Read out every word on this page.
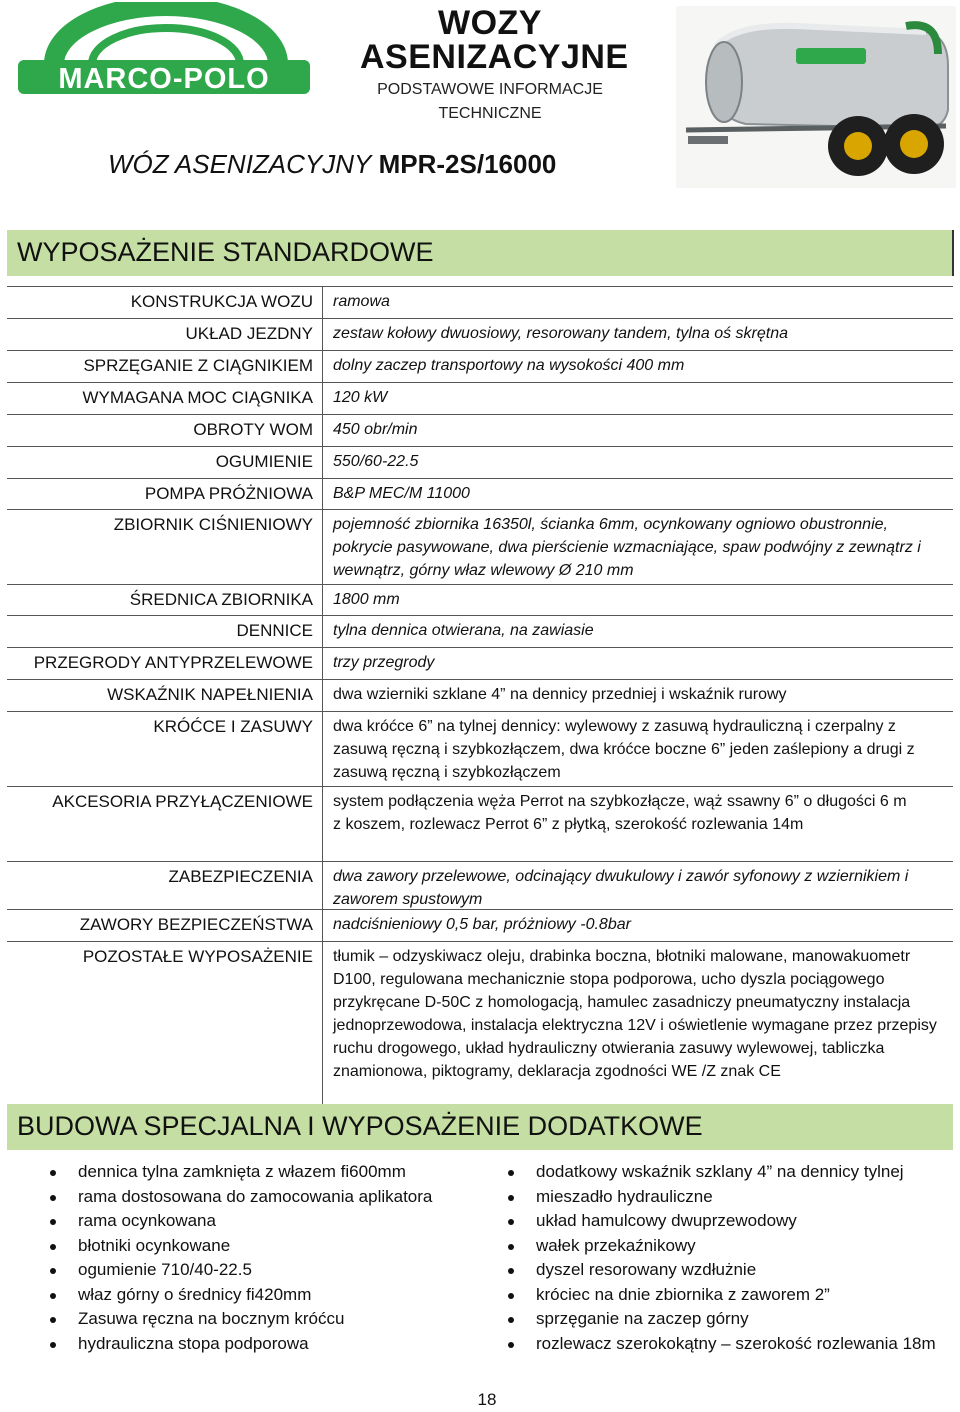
MARCO-POLO
WOZY ASENIZACYJNE
PODSTAWOWE INFORMACJE TECHNICZNE
WÓZ ASENIZACYJNY MPR-2S/16000
WYPOSAŻENIE STANDARDOWE
KONSTRUKCJA WOZU	ramowa
UKŁAD JEZDNY	zestaw kołowy dwuosiowy, resorowany tandem, tylna oś skrętna
SPRZĘGANIE Z CIĄGNIKIEM	dolny zaczep transportowy na wysokości 400 mm
WYMAGANA MOC CIĄGNIKA	120 kW
OBROTY WOM	450 obr/min
OGUMIENIE	550/60-22.5
POMPA PRÓŻNIOWA	B&P MEC/M 11000
ZBIORNIK CIŚNIENIOWY	pojemność zbiornika 16350l, ścianka 6mm, ocynkowany ogniowo obustronnie, pokrycie pasywowane, dwa pierścienie wzmacniające, spaw podwójny z zewnątrz i wewnątrz, górny właz wlewowy Ø 210 mm
ŚREDNICA ZBIORNIKA	1800 mm
DENNICE	tylna dennica otwierana, na zawiasie
PRZEGRODY ANTYPRZELEWOWE	trzy przegrody
WSKAŹNIK NAPEŁNIENIA	dwa wzierniki szklane 4” na dennicy przedniej i wskaźnik rurowy
KRÓĆCE I ZASUWY	dwa króćce 6” na tylnej dennicy: wylewowy z zasuwą hydrauliczną i czerpalny z zasuwą ręczną i szybkozłączem, dwa króćce boczne 6” jeden zaślepiony a drugi z zasuwą ręczną i szybkozłączem
AKCESORIA PRZYŁĄCZENIOWE	system podłączenia węża Perrot na szybkozłącze, wąż ssawny 6” o długości 6 m
z koszem, rozlewacz Perrot 6” z płytką, szerokość rozlewania 14m
ZABEZPIECZENIA	dwa zawory przelewowe, odcinający dwukulowy i zawór syfonowy z wziernikiem i zaworem spustowym
ZAWORY BEZPIECZEŃSTWA	nadciśnieniowy 0,5 bar, próżniowy -0.8bar
POZOSTAŁE WYPOSAŻENIE	tłumik – odzyskiwacz oleju, drabinka boczna, błotniki malowane, manowakuometr D100, regulowana mechanicznie stopa podporowa, ucho dyszla pociągowego przykręcane D-50C z homologacją, hamulec zasadniczy pneumatyczny instalacja jednoprzewodowa, instalacja elektryczna 12V i oświetlenie wymagane przez przepisy ruchu drogowego, układ hydrauliczny otwierania zasuwy wylewowej, tabliczka znamionowa, piktogramy, deklaracja zgodności WE /Z znak CE
BUDOWA SPECJALNA I WYPOSAŻENIE DODATKOWE
dennica tylna zamknięta z włazem fi600mm
rama dostosowana do zamocowania aplikatora
rama ocynkowana
błotniki ocynkowane
ogumienie 710/40-22.5
właz górny o średnicy fi420mm
Zasuwa ręczna na bocznym króćcu
hydrauliczna stopa podporowa
dodatkowy wskaźnik szklany 4” na dennicy tylnej
mieszadło hydrauliczne
układ hamulcowy dwuprzewodowy
wałek przekaźnikowy
dyszel resorowany wzdłużnie
króciec na dnie zbiornika z zaworem 2”
sprzęganie na zaczep górny
rozlewacz szerokokątny – szerokość rozlewania 18m
18
